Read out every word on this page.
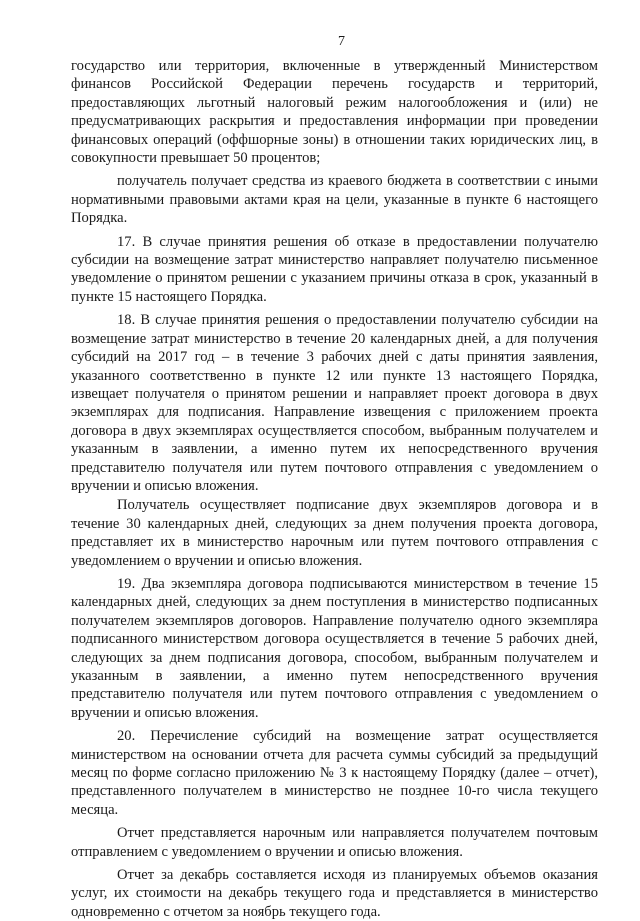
7

государство или территория, включенные в утвержденный Министерством финансов Российской Федерации перечень государств и территорий, предоставляющих льготный налоговый режим налогообложения и (или) не предусматривающих раскрытия и предоставления информации при проведении финансовых операций (оффшорные зоны) в отношении таких юридических лиц, в совокупности превышает 50 процентов;

получатель получает средства из краевого бюджета в соответствии с иными нормативными правовыми актами края на цели, указанные в пункте 6 настоящего Порядка.

17. В случае принятия решения об отказе в предоставлении получателю субсидии на возмещение затрат министерство направляет получателю письменное уведомление о принятом решении с указанием причины отказа в срок, указанный в пункте 15 настоящего Порядка.

18. В случае принятия решения о предоставлении получателю субсидии на возмещение затрат министерство в течение 20 календарных дней, а для получения субсидий на 2017 год – в течение 3 рабочих дней с даты принятия заявления, указанного соответственно в пункте 12 или пункте 13 настоящего Порядка, извещает получателя о принятом решении и направляет проект договора в двух экземплярах для подписания. Направление извещения с приложением проекта договора в двух экземплярах осуществляется способом, выбранным получателем и указанным в заявлении, а именно путем их непосредственного вручения представителю получателя или путем почтового отправления с уведомлением о вручении и описью вложения.

Получатель осуществляет подписание двух экземпляров договора и в течение 30 календарных дней, следующих за днем получения проекта договора, представляет их в министерство нарочным или путем почтового отправления с уведомлением о вручении и описью вложения.

19. Два экземпляра договора подписываются министерством в течение 15 календарных дней, следующих за днем поступления в министерство подписанных получателем экземпляров договоров. Направление получателю одного экземпляра подписанного министерством договора осуществляется в течение 5 рабочих дней, следующих за днем подписания договора, способом, выбранным получателем и указанным в заявлении, а именно путем непосредственного вручения представителю получателя или путем почтового отправления с уведомлением о вручении и описью вложения.

20. Перечисление субсидий на возмещение затрат осуществляется министерством на основании отчета для расчета суммы субсидий за предыдущий месяц по форме согласно приложению № 3 к настоящему Порядку (далее – отчет), представленного получателем в министерство не позднее 10-го числа текущего месяца.

Отчет представляется нарочным или направляется получателем почтовым отправлением с уведомлением о вручении и описью вложения.

Отчет за декабрь составляется исходя из планируемых объемов оказания услуг, их стоимости на декабрь текущего года и представляется в министерство одновременно с отчетом за ноябрь текущего года.
